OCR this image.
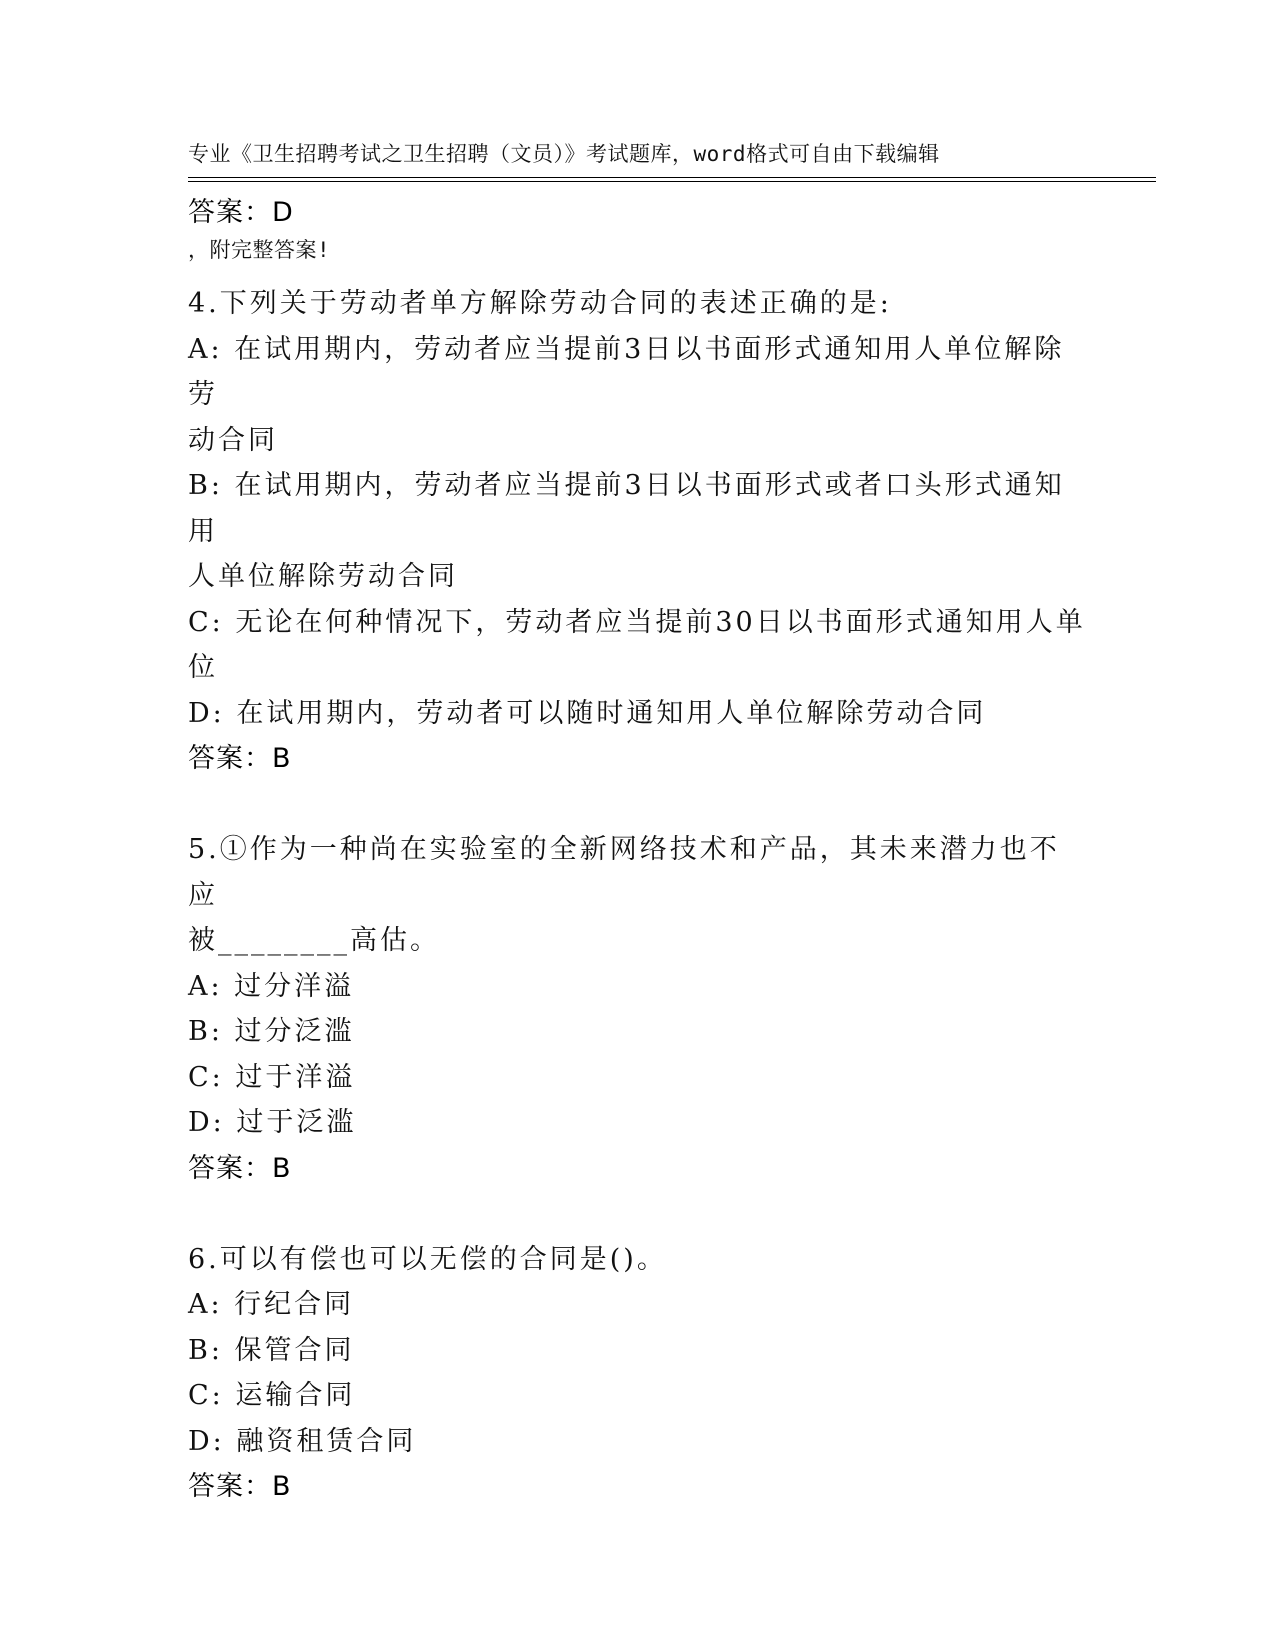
专业《卫生招聘考试之卫生招聘（文员）》考试题库，word格式可自由下载编辑

，附完整答案!

答案：D
4.下列关于劳动者单方解除劳动合同的表述正确的是:
A: 在试用期内，劳动者应当提前3日以书面形式通知用人单位解除劳
动合同
B: 在试用期内，劳动者应当提前3日以书面形式或者口头形式通知用
人单位解除劳动合同
C: 无论在何种情况下，劳动者应当提前30日以书面形式通知用人单
位
D: 在试用期内，劳动者可以随时通知用人单位解除劳动合同
答案：B
5.①作为一种尚在实验室的全新网络技术和产品，其未来潜力也不应
被________高估。
A: 过分洋溢
B: 过分泛滥
C: 过于洋溢
D: 过于泛滥
答案：B
6.可以有偿也可以无偿的合同是()。
A: 行纪合同
B: 保管合同
C: 运输合同
D: 融资租赁合同
答案：B
